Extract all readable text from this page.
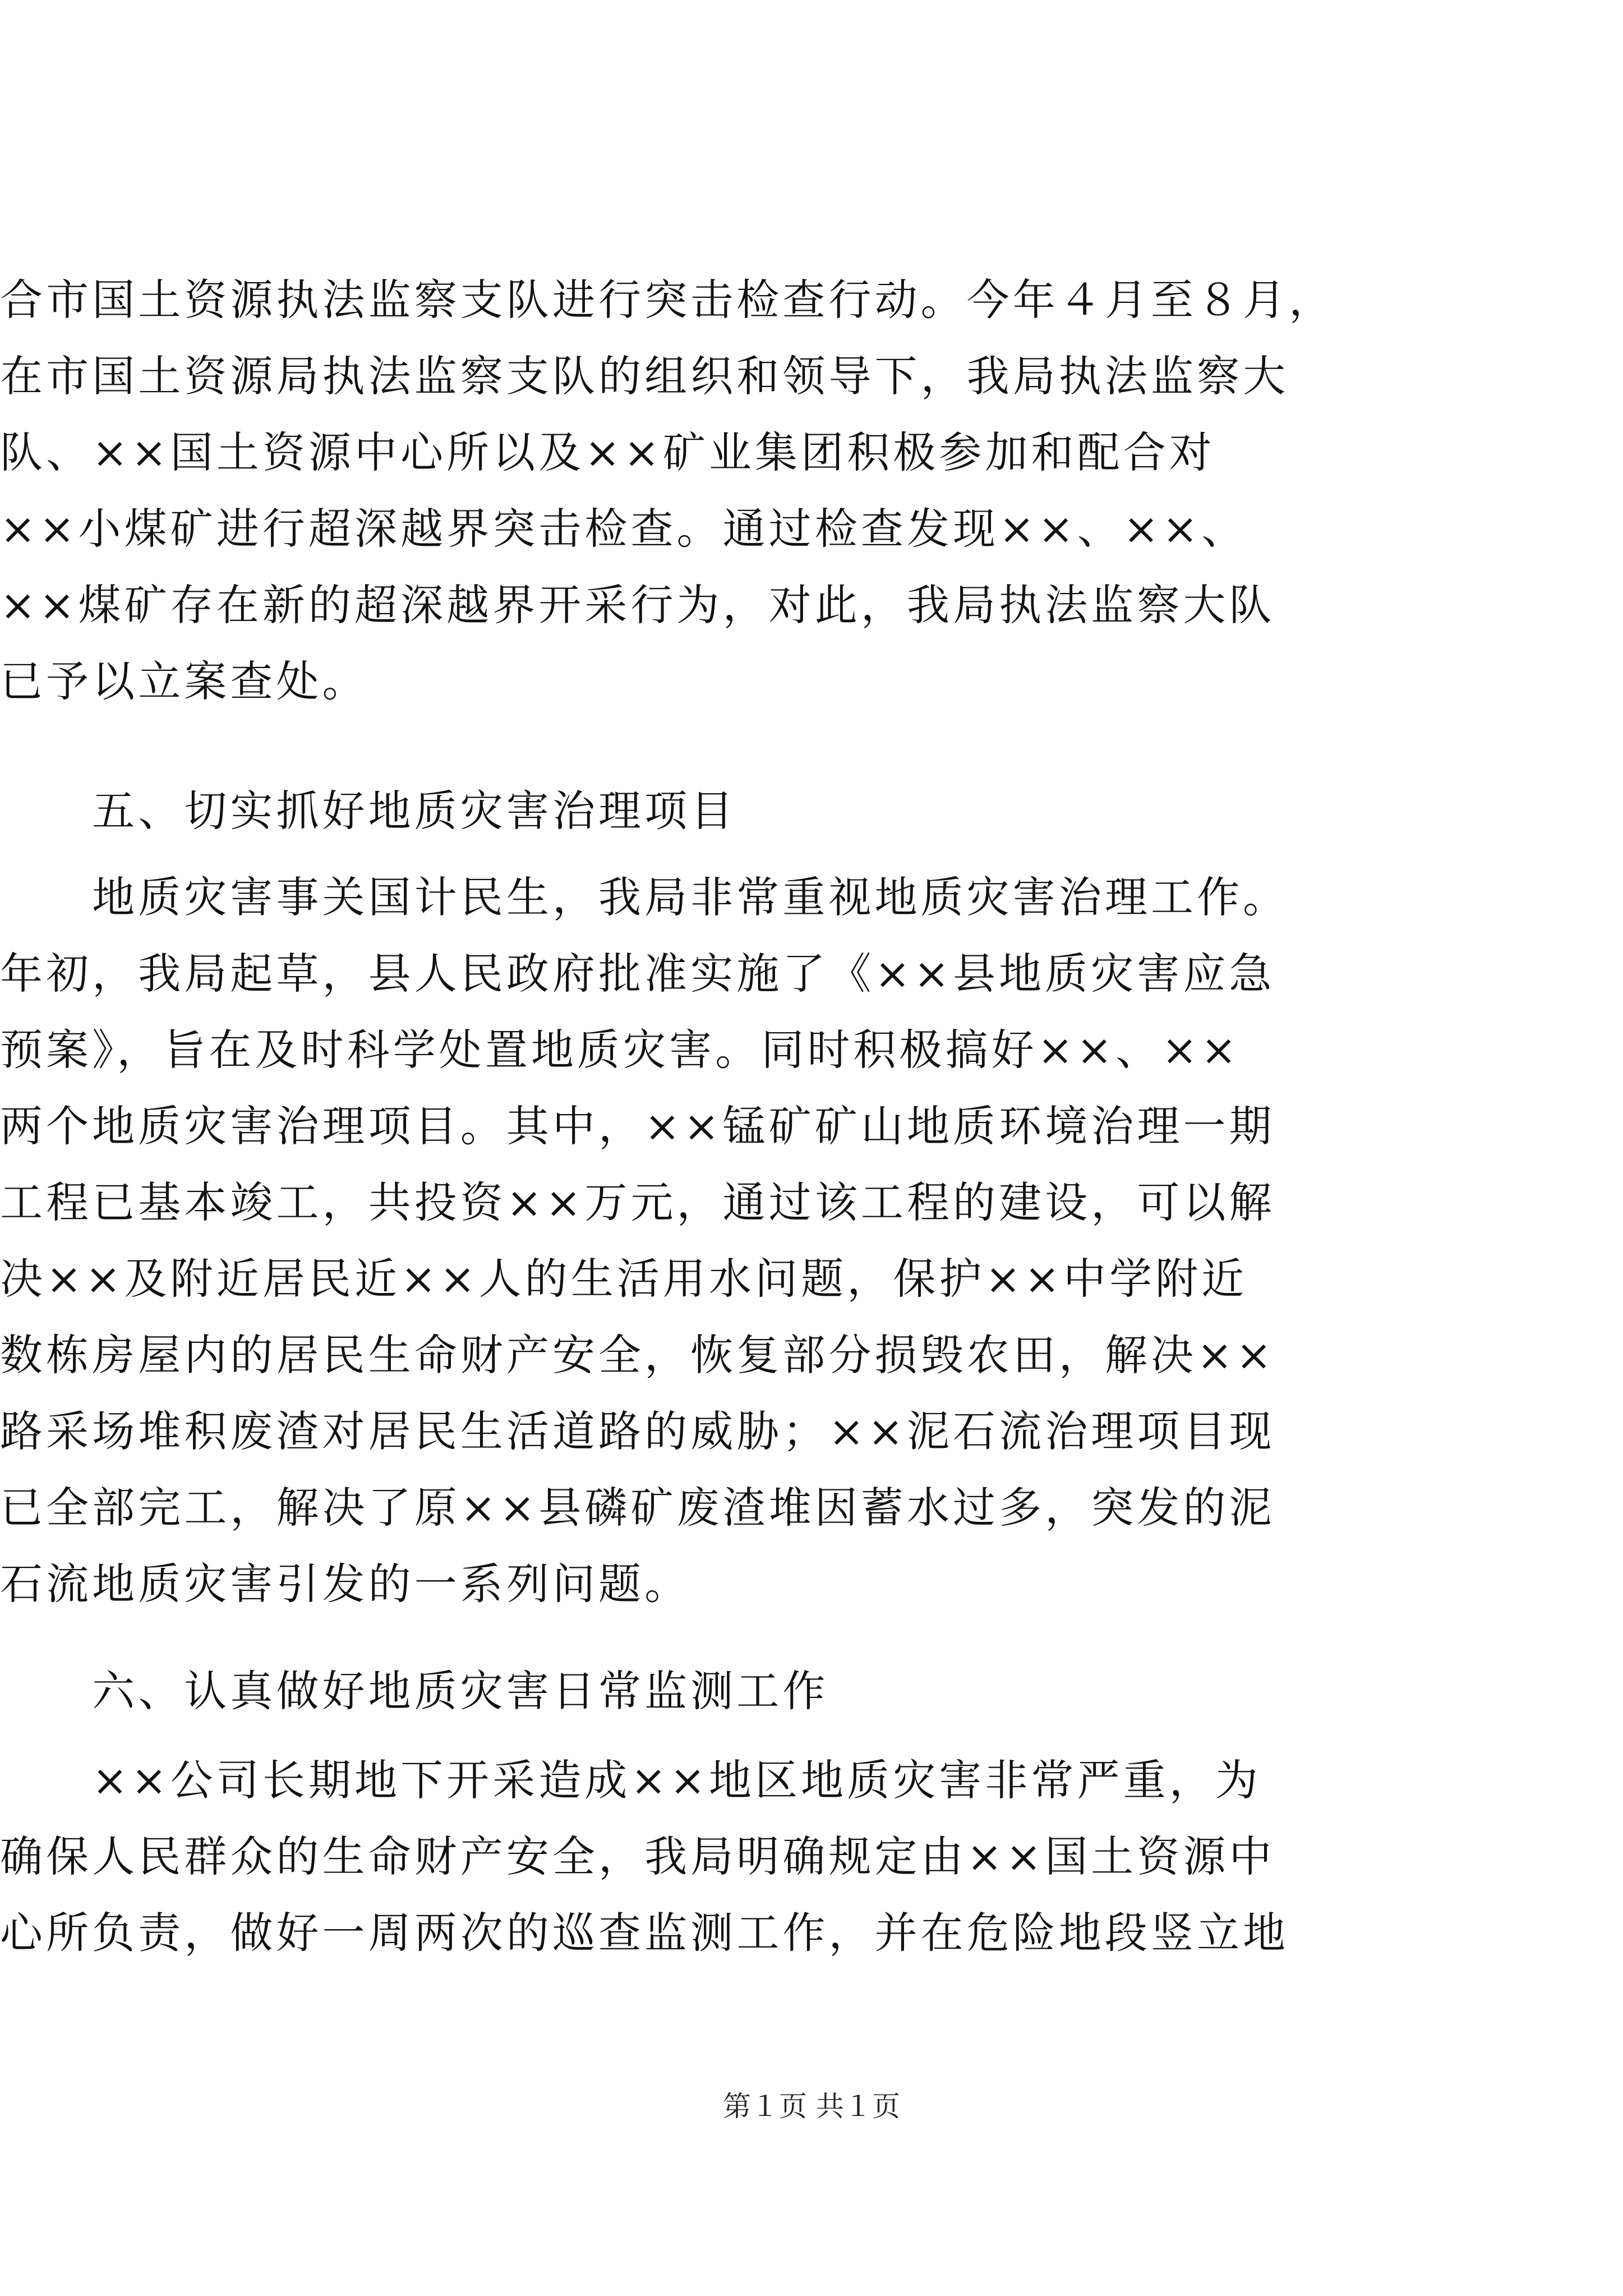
合市国土资源执法监察支队进行突击检查行动。今年４月至８月，
在市国土资源局执法监察支队的组织和领导下，我局执法监察大
队、××国土资源中心所以及××矿业集团积极参加和配合对
××小煤矿进行超深越界突击检查。通过检查发现××、××、
××煤矿存在新的超深越界开采行为，对此，我局执法监察大队
已予以立案查处。
　　五、切实抓好地质灾害治理项目
　　地质灾害事关国计民生，我局非常重视地质灾害治理工作。
年初，我局起草，县人民政府批准实施了《××县地质灾害应急
预案》，旨在及时科学处置地质灾害。同时积极搞好××、××
两个地质灾害治理项目。其中，××锰矿矿山地质环境治理一期
工程已基本竣工，共投资××万元，通过该工程的建设，可以解
决××及附近居民近××人的生活用水问题，保护××中学附近
数栋房屋内的居民生命财产安全，恢复部分损毁农田，解决××
路采场堆积废渣对居民生活道路的威胁；××泥石流治理项目现
已全部完工，解决了原××县磷矿废渣堆因蓄水过多，突发的泥
石流地质灾害引发的一系列问题。
　　六、认真做好地质灾害日常监测工作
　　××公司长期地下开采造成××地区地质灾害非常严重，为
确保人民群众的生命财产安全，我局明确规定由××国土资源中
心所负责，做好一周两次的巡查监测工作，并在危险地段竖立地
第１页 共１页
